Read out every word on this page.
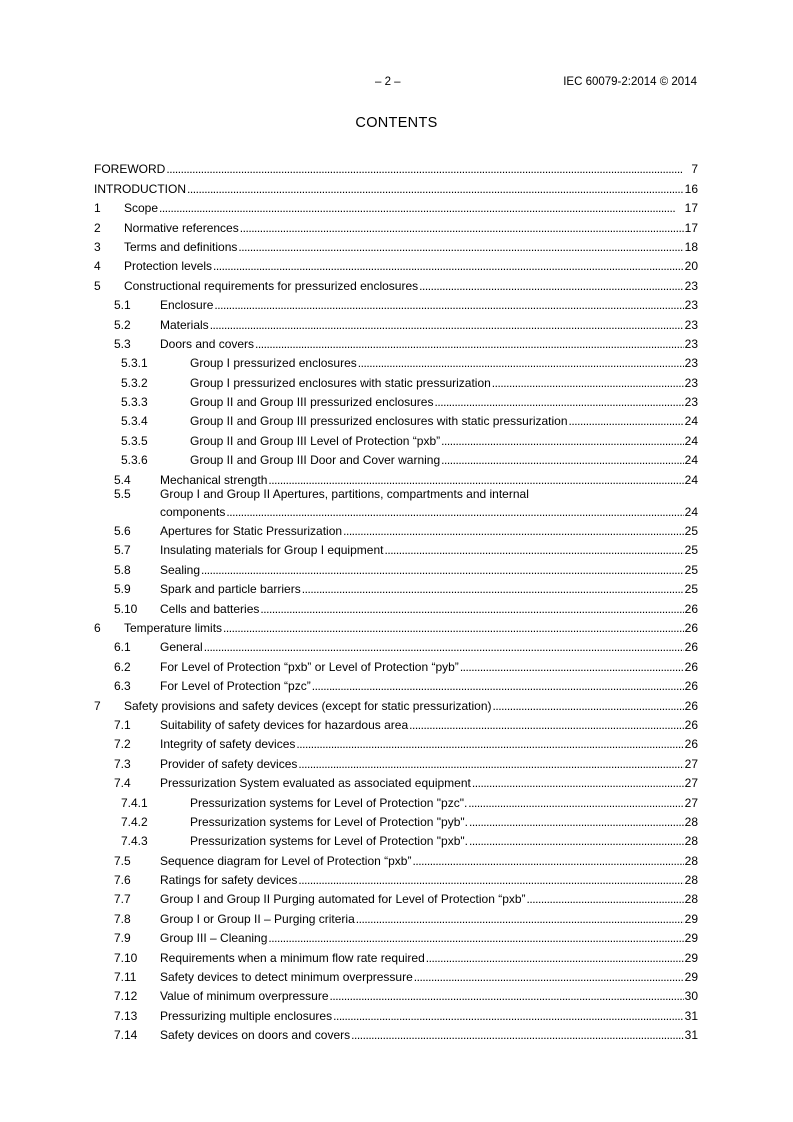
– 2 –	IEC 60079-2:2014 © 2014
CONTENTS
FOREWORD . . .	7
INTRODUCTION . . .	16
1	Scope . . .	17
2	Normative references . . .	17
3	Terms and definitions . . .	18
4	Protection levels . . .	20
5	Constructional requirements for pressurized enclosures . . .	23
5.1	Enclosure . . .	23
5.2	Materials . . .	23
5.3	Doors and covers . . .	23
5.3.1	Group I pressurized enclosures . . .	23
5.3.2	Group I pressurized enclosures with static pressurization . . .	23
5.3.3	Group II and Group III pressurized enclosures . . .	23
5.3.4	Group II and Group III pressurized enclosures with static pressurization . . .	24
5.3.5	Group II and Group III Level of Protection “pxb” . . .	24
5.3.6	Group II and Group III Door and Cover warning . . .	24
5.4	Mechanical strength . . .	24
5.5	Group I and Group II Apertures, partitions, compartments and internal
components . . .	24
5.6	Apertures for Static Pressurization . . .	25
5.7	Insulating materials for Group I equipment . . .	25
5.8	Sealing . . .	25
5.9	Spark and particle barriers . . .	25
5.10	Cells and batteries . . .	26
6	Temperature limits . . .	26
6.1	General . . .	26
6.2	For Level of Protection “pxb” or Level of Protection “pyb” . . .	26
6.3	For Level of Protection “pzc” . . .	26
7	Safety provisions and safety devices (except for static pressurization) . . .	26
7.1	Suitability of safety devices for hazardous area . . .	26
7.2	Integrity of safety devices . . .	26
7.3	Provider of safety devices . . .	27
7.4	Pressurization System evaluated as associated equipment . . .	27
7.4.1	Pressurization systems for Level of Protection "pzc". . . .	27
7.4.2	Pressurization systems for Level of Protection "pyb". . . .	28
7.4.3	Pressurization systems for Level of Protection "pxb". . . .	28
7.5	Sequence diagram for Level of Protection “pxb” . . .	28
7.6	Ratings for safety devices . . .	28
7.7	Group I and Group II Purging automated for Level of Protection “pxb” . . .	28
7.8	Group I or Group II – Purging criteria . . .	29
7.9	Group III – Cleaning . . .	29
7.10	Requirements when a minimum flow rate required . . .	29
7.11	Safety devices to detect minimum overpressure . . .	29
7.12	Value of minimum overpressure . . .	30
7.13	Pressurizing multiple enclosures . . .	31
7.14	Safety devices on doors and covers . . .	31
